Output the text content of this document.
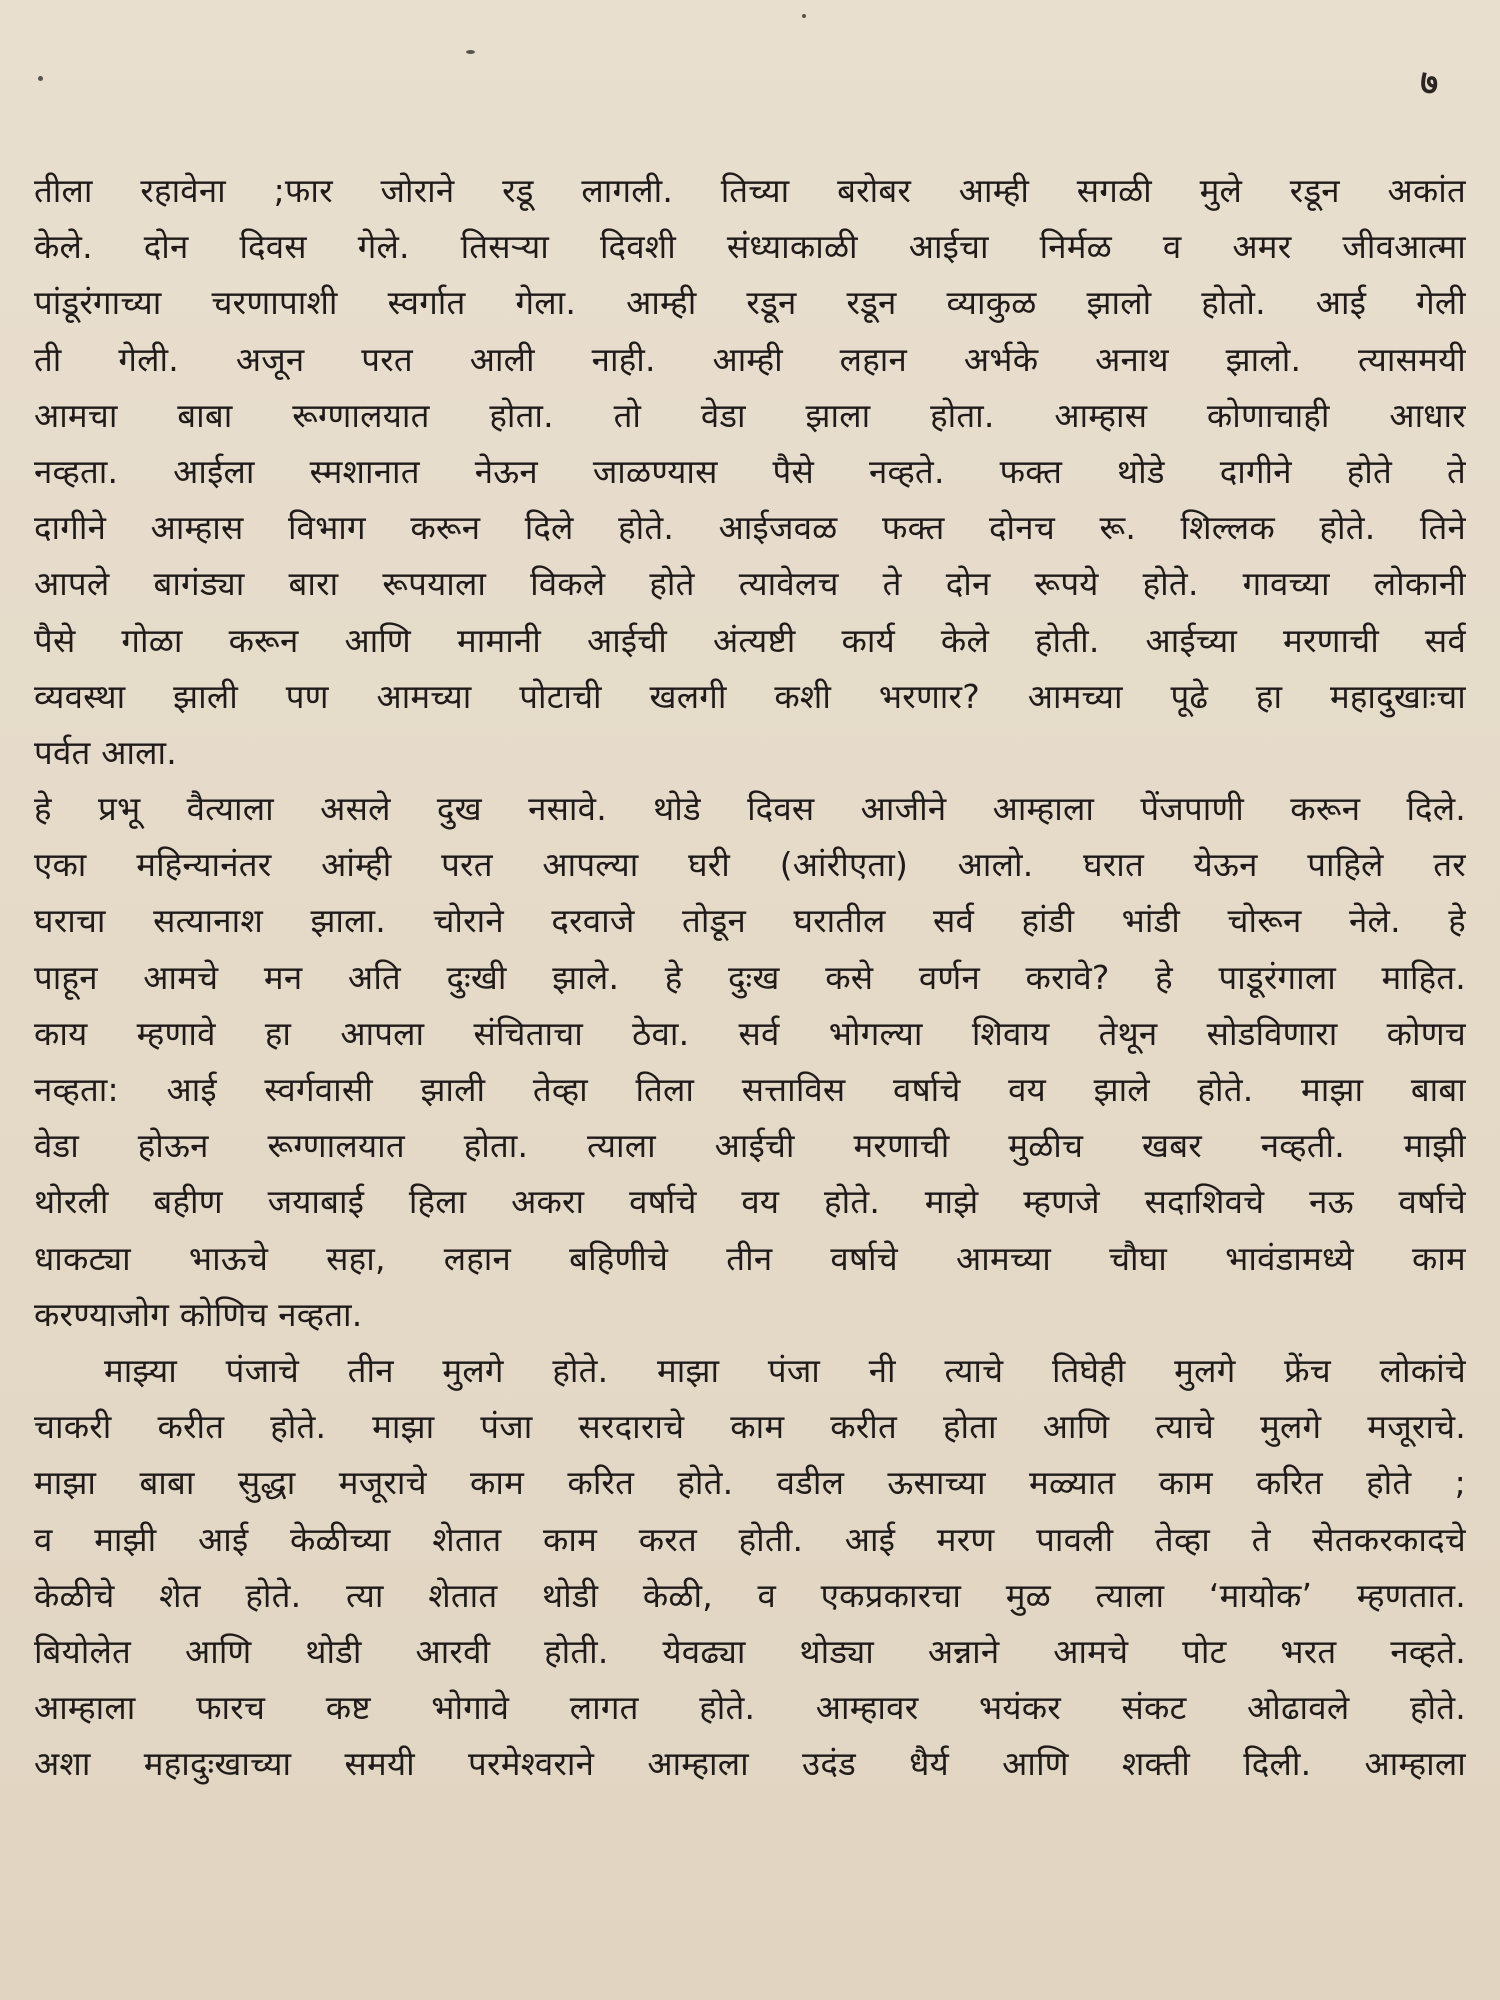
७
तीला रहावेना ;फार जोराने रडू लागली. तिच्या बरोबर आम्ही सगळी मुले रडून अकांत
केले. दोन दिवस गेले. तिसऱ्या दिवशी संध्याकाळी आईचा निर्मळ व अमर जीवआत्मा
पांडूरंगाच्या चरणापाशी स्वर्गात गेला. आम्ही रडून रडून व्याकुळ झालो होतो. आई गेली
ती गेली. अजून परत आली नाही. आम्ही लहान अर्भके अनाथ झालो. त्यासमयी
आमचा बाबा रूग्णालयात होता. तो वेडा झाला होता. आम्हास कोणाचाही आधार
नव्हता. आईला स्मशानात नेऊन जाळण्यास पैसे नव्हते. फक्त थोडे दागीने होते ते
दागीने आम्हास विभाग करून दिले होते. आईजवळ फक्त दोनच रू. शिल्लक होते. तिने
आपले बागंड्या बारा रूपयाला विकले होते त्यावेलच ते दोन रूपये होते. गावच्या लोकानी
पैसे गोळा करून आणि मामानी आईची अंत्यष्टी कार्य केले होती. आईच्या मरणाची सर्व
व्यवस्था झाली पण आमच्या पोटाची खलगी कशी भरणार? आमच्या पूढे हा महादुखाःचा
पर्वत आला.
हे प्रभू वैत्याला असले दुख नसावे. थोडे दिवस आजीने आम्हाला पेंजपाणी करून दिले.
एका महिन्यानंतर आंम्ही परत आपल्या घरी (आंरीएता) आलो. घरात येऊन पाहिले तर
घराचा सत्यानाश झाला. चोराने दरवाजे तोडून घरातील सर्व हांडी भांडी चोरून नेले. हे
पाहून आमचे मन अति दुःखी झाले. हे दुःख कसे वर्णन करावे? हे पाडूरंगाला माहित.
काय म्हणावे हा आपला संचिताचा ठेवा. सर्व भोगल्या शिवाय तेथून सोडविणारा कोणच
नव्हता: आई स्वर्गवासी झाली तेव्हा तिला सत्ताविस वर्षाचे वय झाले होते. माझा बाबा
वेडा होऊन रूग्णालयात होता. त्याला आईची मरणाची मुळीच खबर नव्हती. माझी
थोरली बहीण जयाबाई हिला अकरा वर्षाचे वय होते. माझे म्हणजे सदाशिवचे नऊ वर्षाचे
धाकट्या भाऊचे सहा, लहान बहिणीचे तीन वर्षाचे आमच्या चौघा भावंडामध्ये काम
करण्याजोग कोणिच नव्हता.
माझ्या पंजाचे तीन मुलगे होते. माझा पंजा नी त्याचे तिघेही मुलगे फ्रेंच लोकांचे
चाकरी करीत होते. माझा पंजा सरदाराचे काम करीत होता आणि त्याचे मुलगे मजूराचे.
माझा बाबा सुद्धा मजूराचे काम करित होते. वडील ऊसाच्या मळ्यात काम करित होते ;
व माझी आई केळीच्या शेतात काम करत होती. आई मरण पावली तेव्हा ते सेतकरकादचे
केळीचे शेत होते. त्या शेतात थोडी केळी, व एकप्रकारचा मुळ त्याला ‘मायोक’ म्हणतात.
बियोलेत आणि थोडी आरवी होती. येवढ्या थोड्या अन्नाने आमचे पोट भरत नव्हते.
आम्हाला फारच कष्ट भोगावे लागत होते. आम्हावर भयंकर संकट ओढावले होते.
अशा महादुःखाच्या समयी परमेश्वराने आम्हाला उदंड धैर्य आणि शक्ती दिली. आम्हाला
